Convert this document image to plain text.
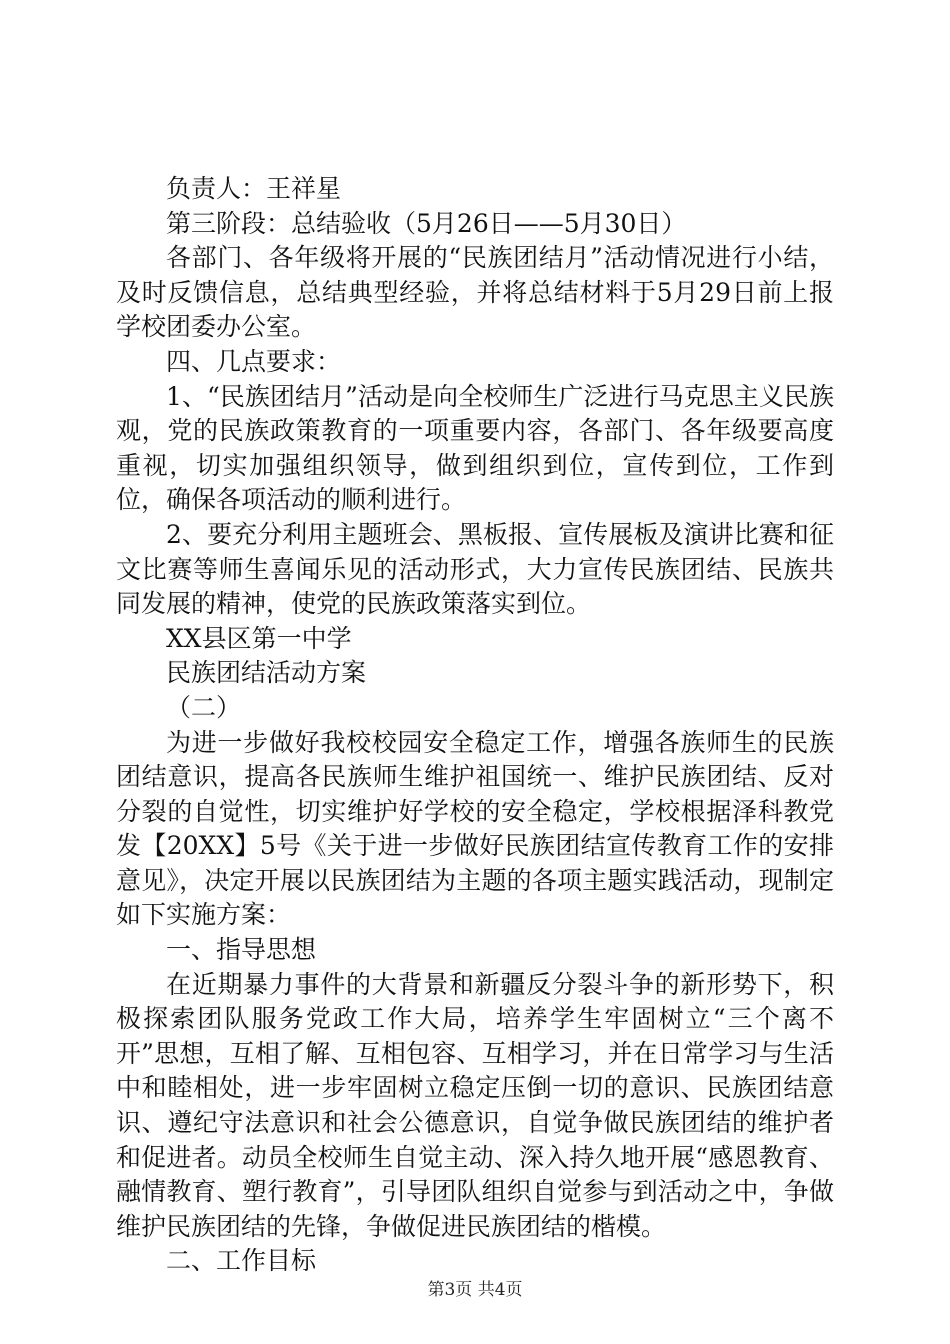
负责人：王祥星

第三阶段：总结验收（5月26日——5月30日）

各部门、各年级将开展的“民族团结月”活动情况进行小结，及时反馈信息，总结典型经验，并将总结材料于5月29日前上报学校团委办公室。

四、几点要求：

1、“民族团结月”活动是向全校师生广泛进行马克思主义民族观，党的民族政策教育的一项重要内容，各部门、各年级要高度重视，切实加强组织领导，做到组织到位，宣传到位，工作到位，确保各项活动的顺利进行。

2、要充分利用主题班会、黑板报、宣传展板及演讲比赛和征文比赛等师生喜闻乐见的活动形式，大力宣传民族团结、民族共同发展的精神，使党的民族政策落实到位。

XX县区第一中学

民族团结活动方案

（二）

为进一步做好我校校园安全稳定工作，增强各族师生的民族团结意识，提高各民族师生维护祖国统一、维护民族团结、反对分裂的自觉性，切实维护好学校的安全稳定，学校根据泽科教党发【20XX】5号《关于进一步做好民族团结宣传教育工作的安排意见》，决定开展以民族团结为主题的各项主题实践活动，现制定如下实施方案：

一、指导思想

在近期暴力事件的大背景和新疆反分裂斗争的新形势下，积极探索团队服务党政工作大局，培养学生牢固树立“三个离不开”思想，互相了解、互相包容、互相学习，并在日常学习与生活中和睦相处，进一步牢固树立稳定压倒一切的意识、民族团结意识、遵纪守法意识和社会公德意识，自觉争做民族团结的维护者和促进者。动员全校师生自觉主动、深入持久地开展“感恩教育、融情教育、塑行教育”，引导团队组织自觉参与到活动之中，争做维护民族团结的先锋，争做促进民族团结的楷模。

二、工作目标

第3页 共4页
